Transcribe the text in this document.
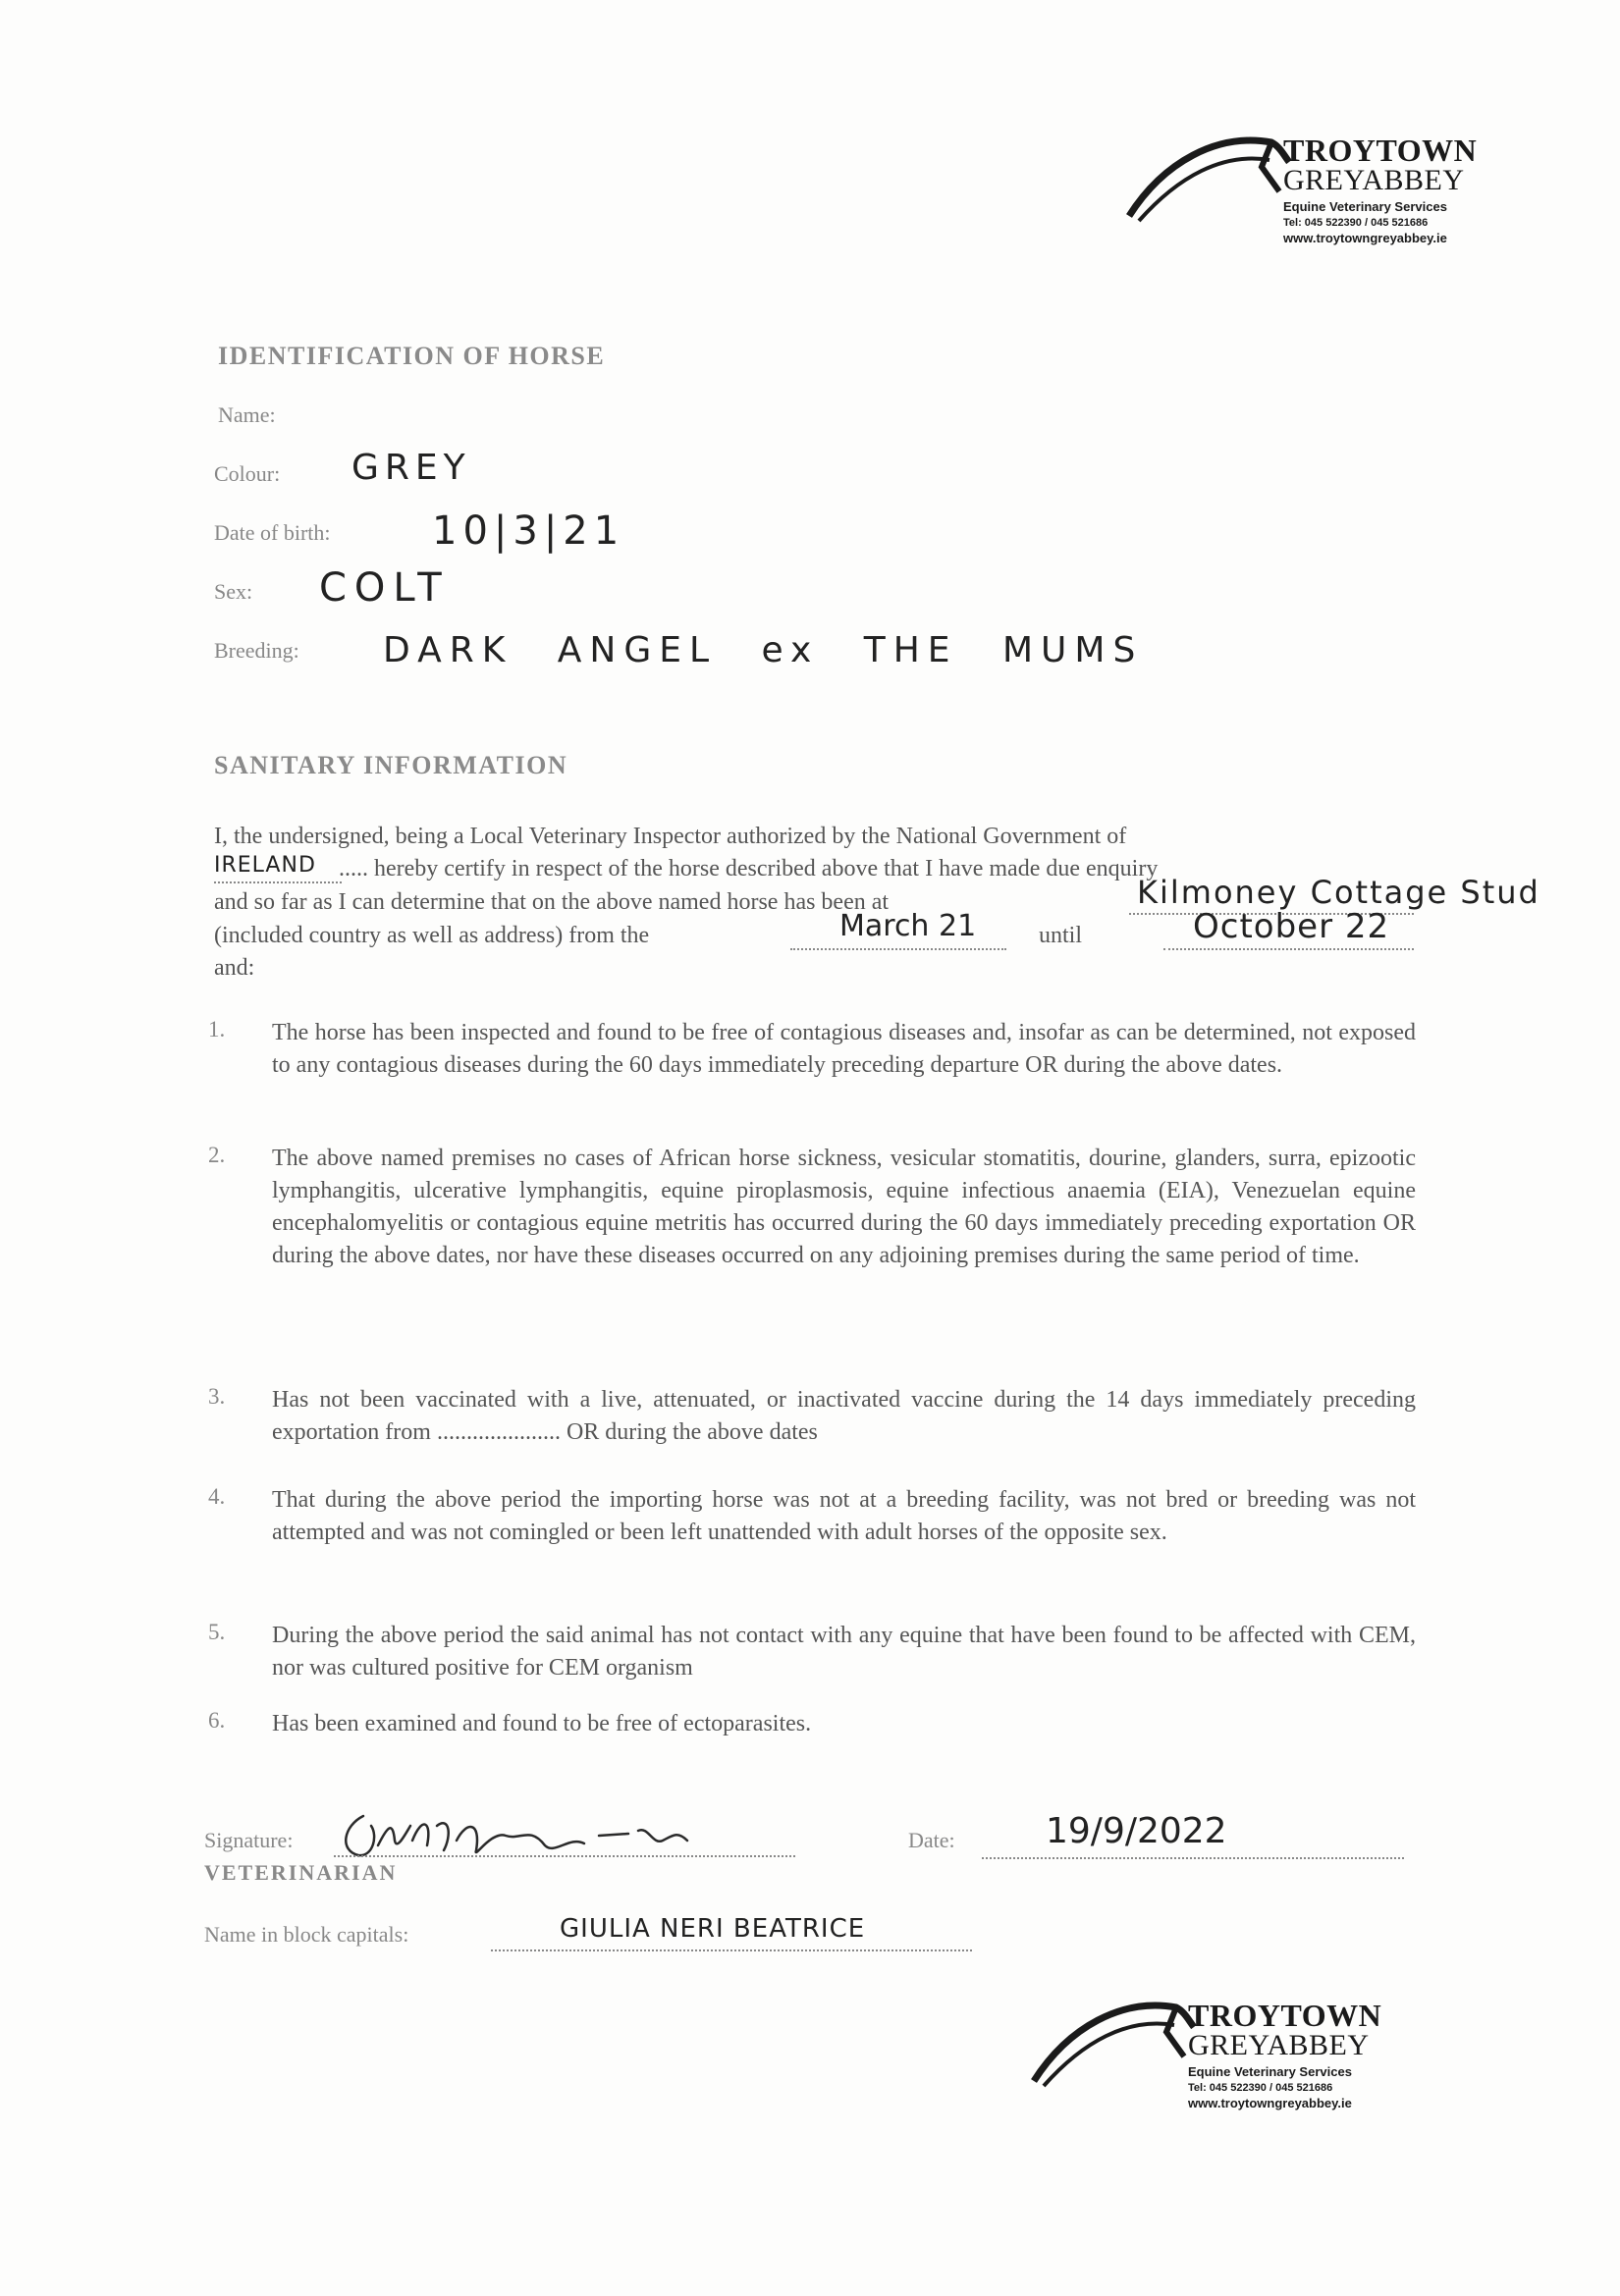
TROYTOWN
GREYABBEY
Equine Veterinary Services
Tel: 045 522390 / 045 521686
www.troytowngreyabbey.ie
IDENTIFICATION OF HORSE
Name:
Colour: GREY
Date of birth:	10|3|21
Sex: COLT
Breeding: DARK ANGEL ex THE MUMS
SANITARY INFORMATION
I, the undersigned, being a Local Veterinary Inspector authorized by the National Government of
IRELAND ..... hereby certify in respect of the horse described above that I have made due enquiry
and so far as I can determine that on the above named horse has been at	Kilmoney Cottage Stud
(included country as well as address) from the	March 21	until	October 22
and:
1. The horse has been inspected and found to be free of contagious diseases and, insofar as can be determined, not exposed to any contagious diseases during the 60 days immediately preceding departure OR during the above dates.
2. The above named premises no cases of African horse sickness, vesicular stomatitis, dourine, glanders, surra, epizootic lymphangitis, ulcerative lymphangitis, equine piroplasmosis, equine infectious anaemia (EIA), Venezuelan equine encephalomyelitis or contagious equine metritis has occurred during the 60 days immediately preceding exportation OR during the above dates, nor have these diseases occurred on any adjoining premises during the same period of time.
3. Has not been vaccinated with a live, attenuated, or inactivated vaccine during the 14 days immediately preceding exportation from ..................... OR during the above dates
4. That during the above period the importing horse was not at a breeding facility, was not bred or breeding was not attempted and was not comingled or been left unattended with adult horses of the opposite sex.
5. During the above period the said animal has not contact with any equine that have been found to be affected with CEM, nor was cultured positive for CEM organism
6. Has been examined and found to be free of ectoparasites.
Signature:
VETERINARIAN
Date:	19/9/2022
Name in block capitals:	GIULIA NERI BEATRICE
TROYTOWN
GREYABBEY
Equine Veterinary Services
Tel: 045 522390 / 045 521686
www.troytowngreyabbey.ie
